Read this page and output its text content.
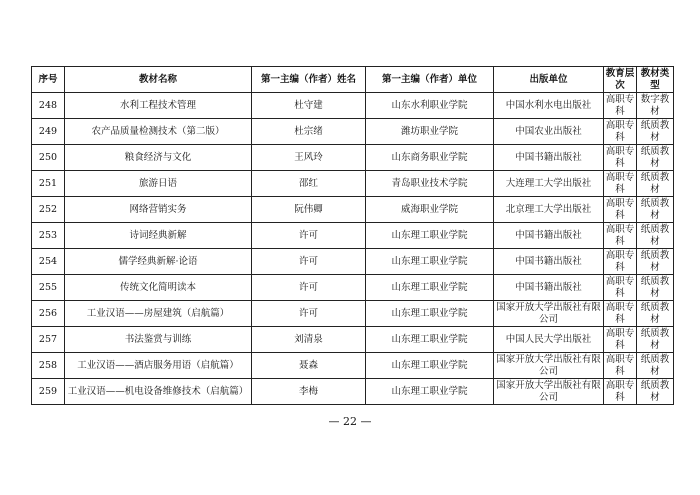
序号	教材名称	第一主编（作者）姓名	第一主编（作者）单位	出版单位	教育层次	教材类型
248	水利工程技术管理	杜守建	山东水利职业学院	中国水利水电出版社	高职专科	数字教材
249	农产品质量检测技术（第二版）	杜宗绪	潍坊职业学院	中国农业出版社	高职专科	纸质教材
250	粮食经济与文化	王风玲	山东商务职业学院	中国书籍出版社	高职专科	纸质教材
251	旅游日语	邵红	青岛职业技术学院	大连理工大学出版社	高职专科	纸质教材
252	网络营销实务	阮伟卿	威海职业学院	北京理工大学出版社	高职专科	纸质教材
253	诗词经典新解	许可	山东理工职业学院	中国书籍出版社	高职专科	纸质教材
254	儒学经典新解·论语	许可	山东理工职业学院	中国书籍出版社	高职专科	纸质教材
255	传统文化简明读本	许可	山东理工职业学院	中国书籍出版社	高职专科	纸质教材
256	工业汉语——房屋建筑（启航篇）	许可	山东理工职业学院	国家开放大学出版社有限公司	高职专科	纸质教材
257	书法鉴赏与训练	刘清泉	山东理工职业学院	中国人民大学出版社	高职专科	纸质教材
258	工业汉语——酒店服务用语（启航篇）	聂森	山东理工职业学院	国家开放大学出版社有限公司	高职专科	纸质教材
259	工业汉语——机电设备维修技术（启航篇）	李梅	山东理工职业学院	国家开放大学出版社有限公司	高职专科	纸质教材
— 22 —
